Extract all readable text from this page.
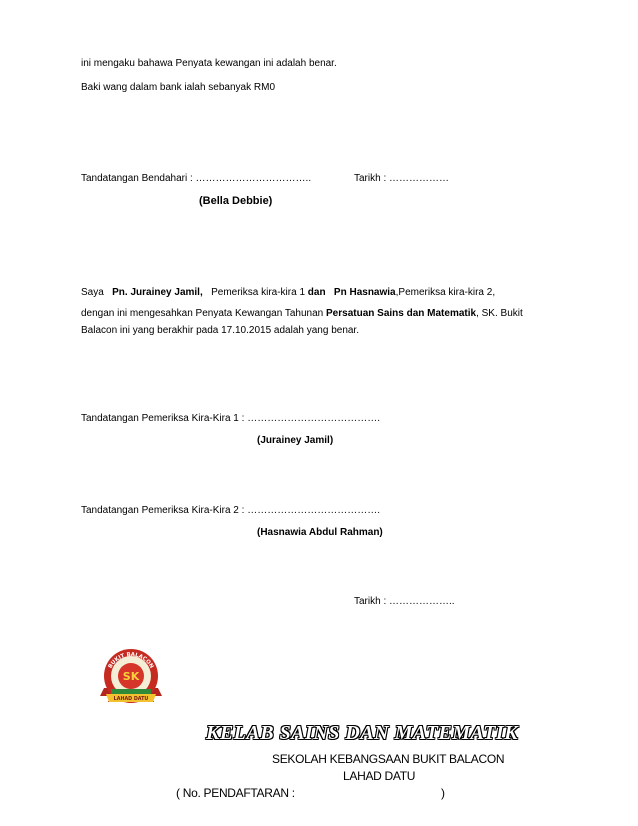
ini mengaku bahawa Penyata kewangan ini adalah benar.
Baki wang dalam bank ialah sebanyak RM0
Tandatangan Bendahari : ……………………………..	Tarikh : ………………
(Bella Debbie)
Saya Pn. Jurainey Jamil, Pemeriksa kira-kira 1 dan Pn Hasnawia,Pemeriksa kira-kira 2,
dengan ini mengesahkan Penyata Kewangan Tahunan Persatuan Sains dan Matematik, SK. Bukit
Balacon ini yang berakhir pada 17.10.2015 adalah yang benar.
Tandatangan Pemeriksa Kira-Kira 1 : ………………………………….
(Jurainey Jamil)
Tandatangan Pemeriksa Kira-Kira 2 : ………………………………….
(Hasnawia Abdul Rahman)
Tarikh : ………………..
BUKIT BALACON
SK
LAHAD DATU
KELAB SAINS DAN MATEMATIK
SEKOLAH KEBANGSAAN BUKIT BALACON
LAHAD DATU
( No. PENDAFTARAN :	)
